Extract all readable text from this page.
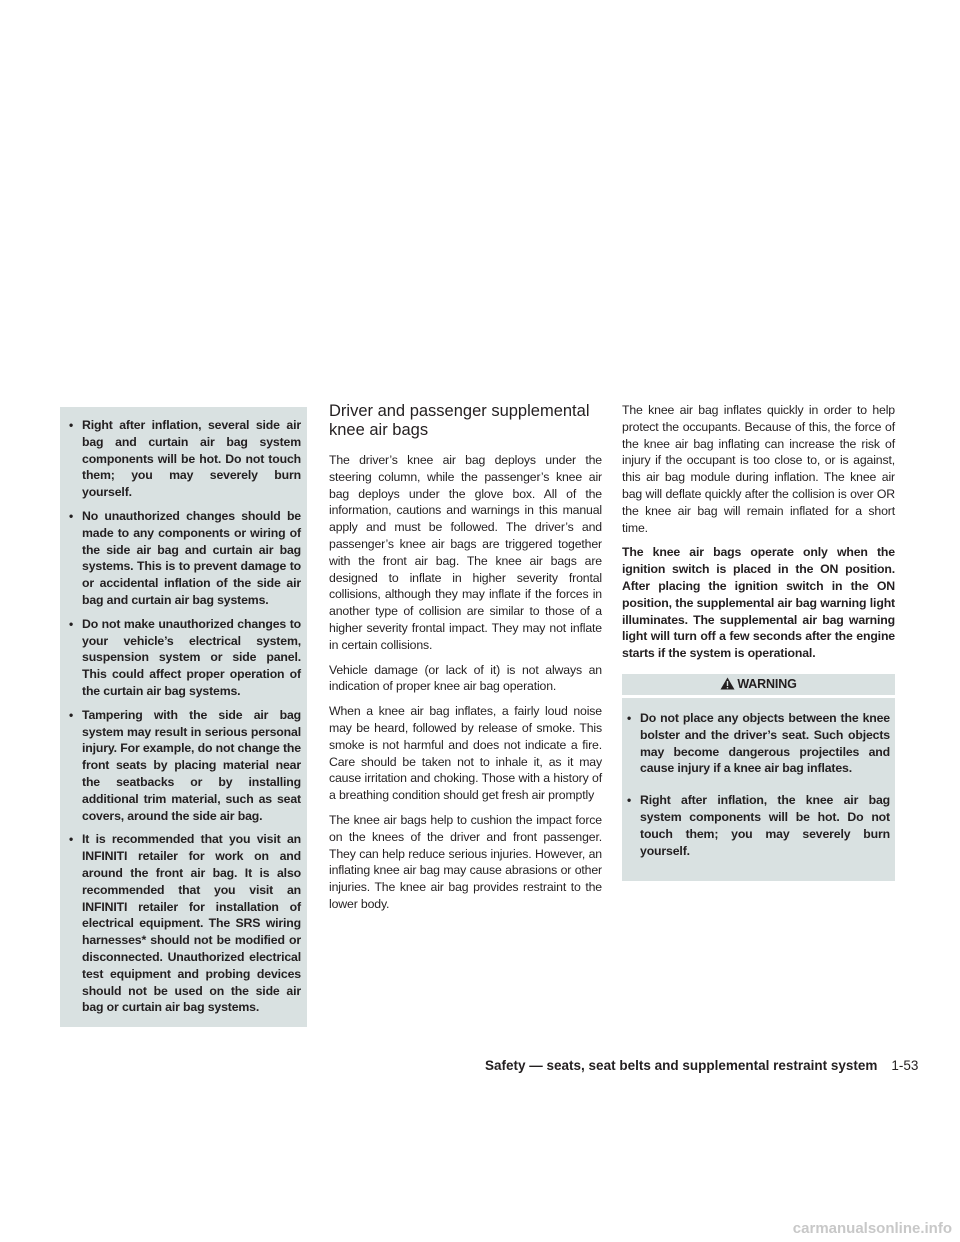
• Right after inflation, several side air bag and curtain air bag system components will be hot. Do not touch them; you may severely burn yourself.

• No unauthorized changes should be made to any components or wiring of the side air bag and curtain air bag systems. This is to prevent damage to or accidental inflation of the side air bag and curtain air bag systems.

• Do not make unauthorized changes to your vehicle’s electrical system, suspension system or side panel. This could affect proper operation of the curtain air bag systems.

• Tampering with the side air bag system may result in serious personal injury. For example, do not change the front seats by placing material near the seatbacks or by installing additional trim material, such as seat covers, around the side air bag.

• It is recommended that you visit an INFINITI retailer for work on and around the front air bag. It is also recommended that you visit an INFINITI retailer for installation of electrical equipment. The SRS wiring harnesses* should not be modified or disconnected. Unauthorized electrical test equipment and probing devices should not be used on the side air bag or curtain air bag systems.

Driver and passenger supplemental knee air bags

The driver’s knee air bag deploys under the steering column, while the passenger’s knee air bag deploys under the glove box. All of the information, cautions and warnings in this manual apply and must be followed. The driver’s and passenger’s knee air bags are triggered together with the front air bag. The knee air bags are designed to inflate in higher severity frontal collisions, although they may inflate if the forces in another type of collision are similar to those of a higher severity frontal impact. They may not inflate in certain collisions.

Vehicle damage (or lack of it) is not always an indication of proper knee air bag operation.

When a knee air bag inflates, a fairly loud noise may be heard, followed by release of smoke. This smoke is not harmful and does not indicate a fire. Care should be taken not to inhale it, as it may cause irritation and choking. Those with a history of a breathing condition should get fresh air promptly

The knee air bags help to cushion the impact force on the knees of the driver and front passenger. They can help reduce serious injuries. However, an inflating knee air bag may cause abrasions or other injuries. The knee air bag provides restraint to the lower body.

The knee air bag inflates quickly in order to help protect the occupants. Because of this, the force of the knee air bag inflating can increase the risk of injury if the occupant is too close to, or is against, this air bag module during inflation. The knee air bag will deflate quickly after the collision is over OR the knee air bag will remain inflated for a short time.

The knee air bags operate only when the ignition switch is placed in the ON position. After placing the ignition switch in the ON position, the supplemental air bag warning light illuminates. The supplemental air bag warning light will turn off a few seconds after the engine starts if the system is operational.

WARNING
• Do not place any objects between the knee bolster and the driver’s seat. Such objects may become dangerous projectiles and cause injury if a knee air bag inflates.

• Right after inflation, the knee air bag system components will be hot. Do not touch them; you may severely burn yourself.

Safety — seats, seat belts and supplemental restraint system 1-53
carmanualsonline.info
